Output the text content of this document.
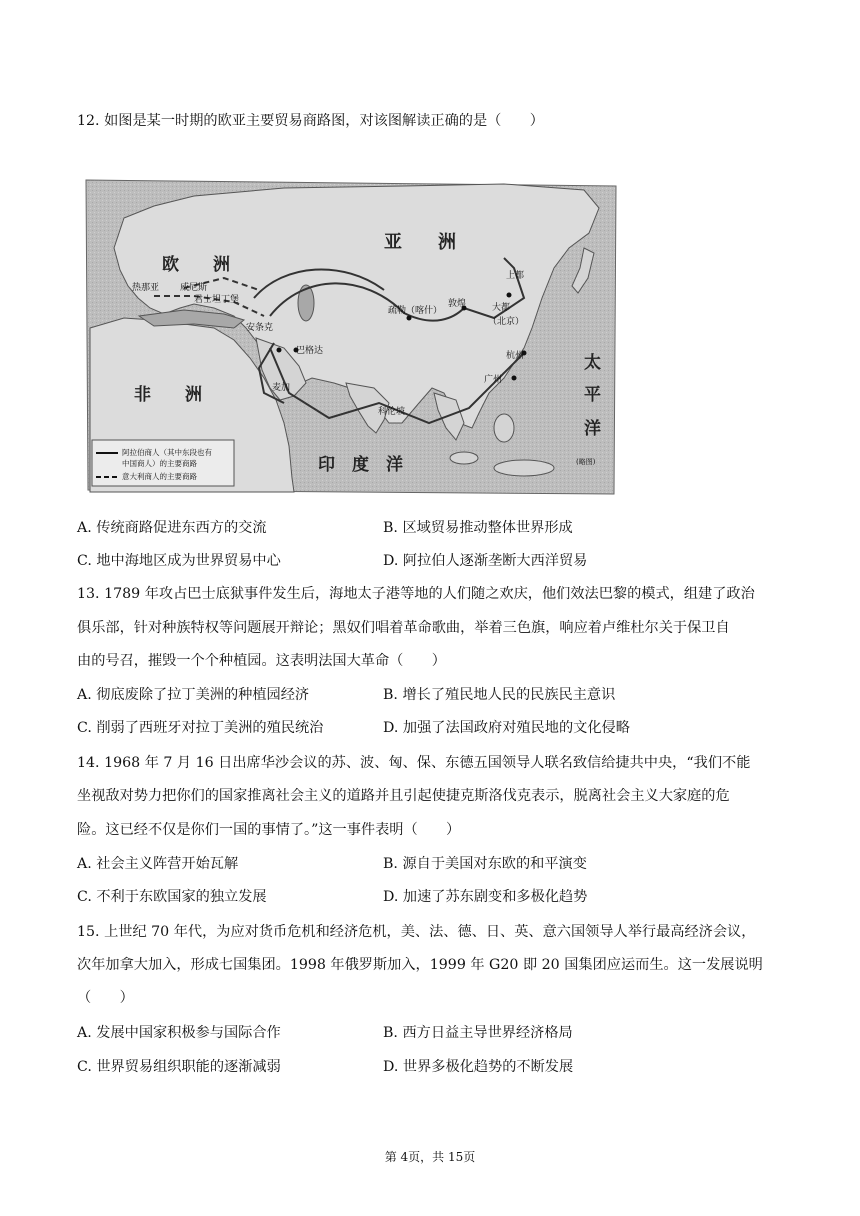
12. 如图是某一时期的欧亚主要贸易商路图，对该图解读正确的是（　　）
亚　　洲
欧　　洲
非　　洲
太
平
洋
印　度　洋
热那亚 威尼斯
君士坦丁堡
安条克
巴格达
麦加
疏勒（喀什）
敦煌
上都
大都
（北京）
杭州
广州
科伦坡
阿拉伯商人（其中东段也有
中国商人）的主要商路
意大利商人的主要商路
(略图)
A. 传统商路促进东西方的交流	B. 区域贸易推动整体世界形成
C. 地中海地区成为世界贸易中心	D. 阿拉伯人逐渐垄断大西洋贸易
13. 1789 年攻占巴士底狱事件发生后，海地太子港等地的人们随之欢庆，他们效法巴黎的模式，组建了政治
俱乐部，针对种族特权等问题展开辩论；黑奴们唱着革命歌曲，举着三色旗，响应着卢维杜尔关于保卫自
由的号召，摧毁一个个种植园。这表明法国大革命（　　）
A. 彻底废除了拉丁美洲的种植园经济	B. 增长了殖民地人民的民族民主意识
C. 削弱了西班牙对拉丁美洲的殖民统治	D. 加强了法国政府对殖民地的文化侵略
14. 1968 年 7 月 16 日出席华沙会议的苏、波、匈、保、东德五国领导人联名致信给捷共中央，“我们不能
坐视敌对势力把你们的国家推离社会主义的道路并且引起使捷克斯洛伐克表示，脱离社会主义大家庭的危
险。这已经不仅是你们一国的事情了。”这一事件表明（　　）
A. 社会主义阵营开始瓦解	B. 源自于美国对东欧的和平演变
C. 不利于东欧国家的独立发展	D. 加速了苏东剧变和多极化趋势
15. 上世纪 70 年代，为应对货币危机和经济危机，美、法、德、日、英、意六国领导人举行最高经济会议，
次年加拿大加入，形成七国集团。1998 年俄罗斯加入，1999 年 G20 即 20 国集团应运而生。这一发展说明
（　　）
A. 发展中国家积极参与国际合作	B. 西方日益主导世界经济格局
C. 世界贸易组织职能的逐渐减弱	D. 世界多极化趋势的不断发展
第 4页，共 15页
